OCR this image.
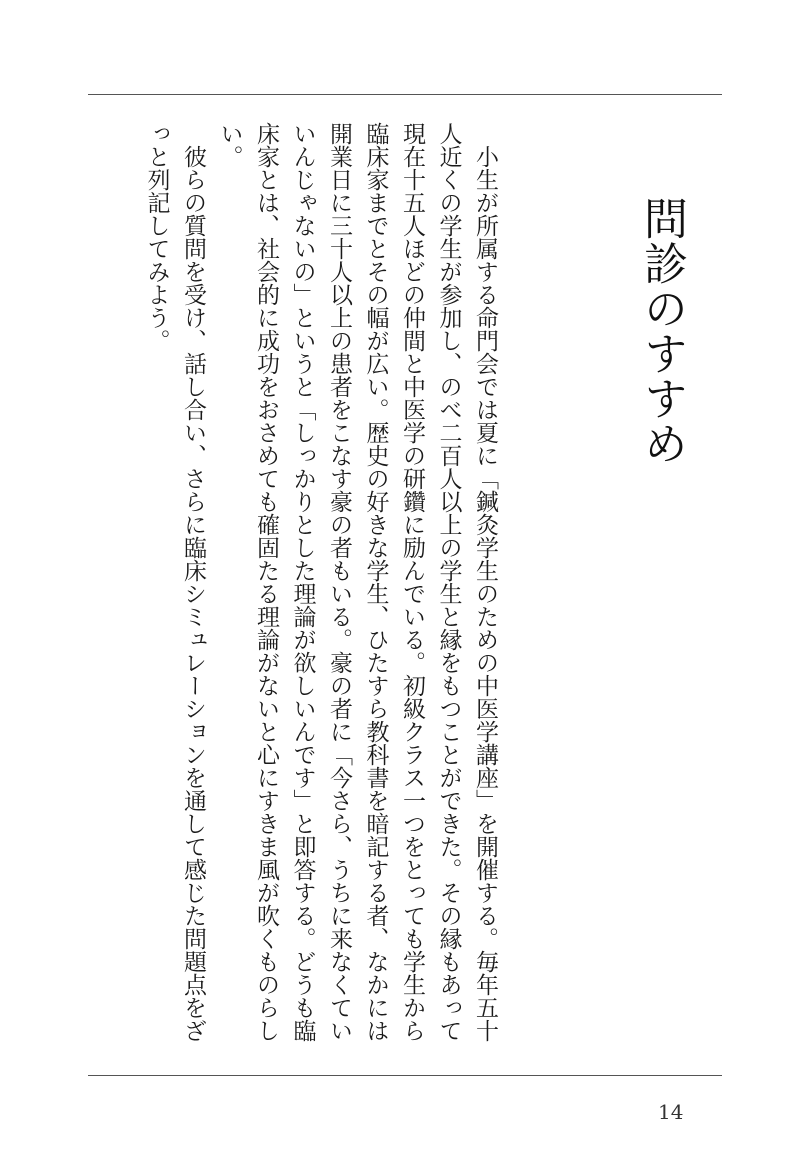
問診のすすめ

小生が所属する命門会では夏に「鍼灸学生のための中医学講座」を開催する。毎年五十人近くの学生が参加し、のべ二百人以上の学生と縁をもつことができた。その縁もあって現在十五人ほどの仲間と中医学の研鑽に励んでいる。初級クラス一つをとっても学生から臨床家までとその幅が広い。歴史の好きな学生、ひたすら教科書を暗記する者、なかには開業日に三十人以上の患者をこなす豪の者もいる。豪の者に「今さら、うちに来なくていいんじゃないの」というと「しっかりとした理論が欲しいんです」と即答する。どうも臨床家とは、社会的に成功をおさめても確固たる理論がないと心にすきま風が吹くものらしい。

彼らの質問を受け、話し合い、さらに臨床シミュレーションを通して感じた問題点をざっと列記してみよう。

14
